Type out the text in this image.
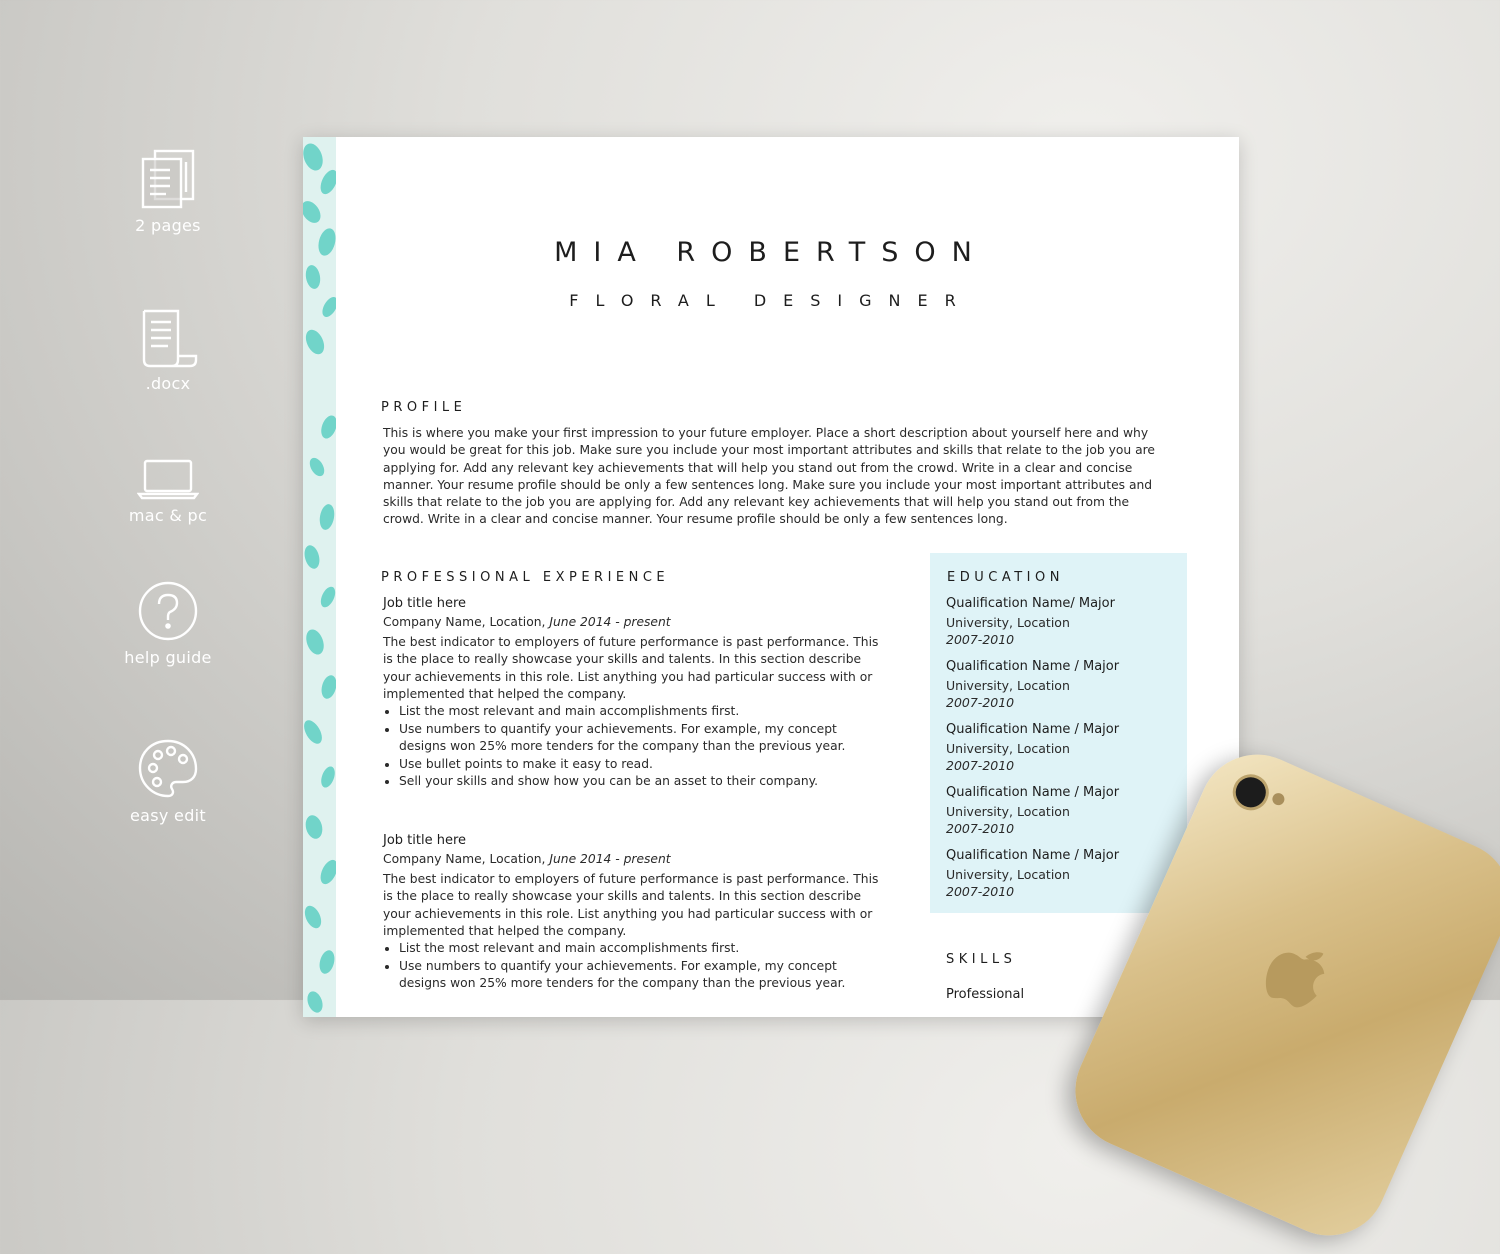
2 pages
.docx
mac & pc
help guide
easy edit
MIA ROBERTSON
FLORAL DESIGNER
PROFILE
This is where you make your first impression to your future employer. Place a short description about yourself here and why you would be great for this job. Make sure you include your most important attributes and skills that relate to the job you are applying for. Add any relevant key achievements that will help you stand out from the crowd. Write in a clear and concise manner. Your resume profile should be only a few sentences long. Make sure you include your most important attributes and skills that relate to the job you are applying for. Add any relevant key achievements that will help you stand out from the crowd. Write in a clear and concise manner. Your resume profile should be only a few sentences long.
PROFESSIONAL EXPERIENCE
Job title here
Company Name, Location, June 2014 - present
The best indicator to employers of future performance is past performance. This is the place to really showcase your skills and talents. In this section describe your achievements in this role. List anything you had particular success with or implemented that helped the company.
• List the most relevant and main accomplishments first.
• Use numbers to quantify your achievements. For example, my concept designs won 25% more tenders for the company than the previous year.
• Use bullet points to make it easy to read.
• Sell your skills and show how you can be an asset to their company.
Job title here
Company Name, Location, June 2014 - present
The best indicator to employers of future performance is past performance. This is the place to really showcase your skills and talents. In this section describe your achievements in this role. List anything you had particular success with or implemented that helped the company.
• List the most relevant and main accomplishments first.
• Use numbers to quantify your achievements. For example, my concept designs won 25% more tenders for the company than the previous year.
EDUCATION
Qualification Name/ Major
University, Location
2007-2010
Qualification Name / Major
University, Location
2007-2010
Qualification Name / Major
University, Location
2007-2010
Qualification Name / Major
University, Location
2007-2010
Qualification Name / Major
University, Location
2007-2010
SKILLS
Professional
